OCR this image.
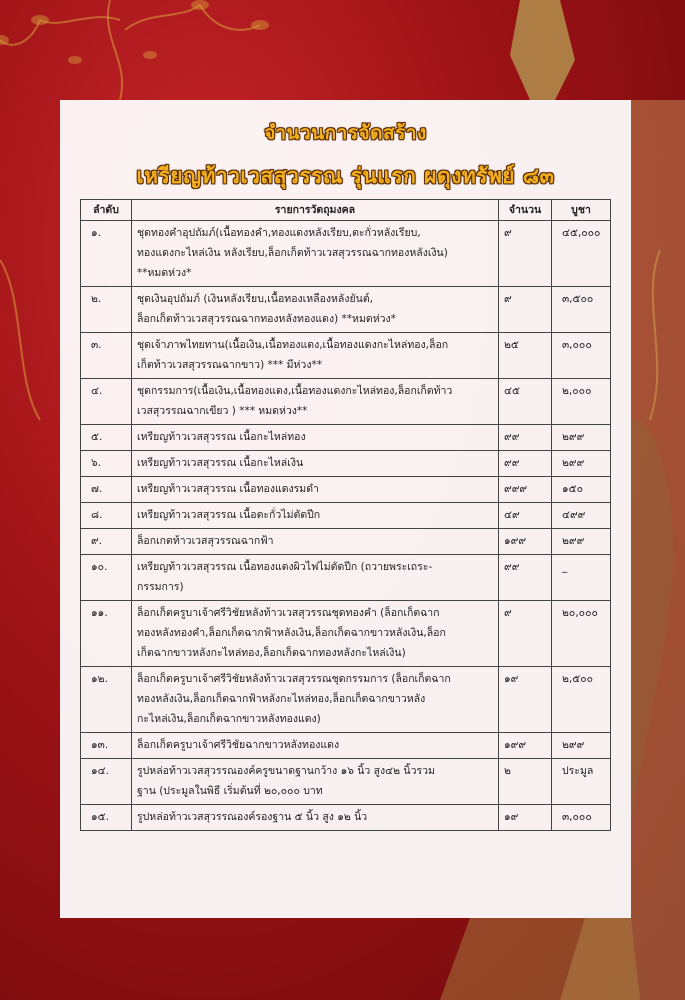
จำนวนการจัดสร้าง
เหรียญท้าวเวสสุวรรณ รุ่นแรก ผดุงทรัพย์ ๘๓
ลำดับ	รายการวัตถุมงคล	จำนวน	บูชา
๑.	ชุดทองคำอุปถัมภ์(เนื้อทองคำ,ทองแดงหลังเรียบ,ตะกั่วหลังเรียบ,
ทองแดงกะไหล่เงิน หลังเรียบ,ล็อกเก็ตท้าวเวสสุวรรณฉากทองหลังเงิน)
**หมดห่วง*	๙	๔๕,๐๐๐
๒.	ชุดเงินอุปถัมภ์ (เงินหลังเรียบ,เนื้อทองเหลืองหลังยันต์,
ล็อกเก็ตท้าวเวสสุวรรณฉากทองหลังทองแดง) **หมดห่วง*	๙	๓,๕๐๐
๓.	ชุดเจ้าภาพไทยทาน(เนื้อเงิน,เนื้อทองแดง,เนื้อทองแดงกะไหล่ทอง,ล็อก
เก็ตท้าวเวสสุวรรณฉากขาว) *** มีห่วง**	๒๕	๓,๐๐๐
๔.	ชุดกรรมการ(เนื้อเงิน,เนื้อทองแดง,เนื้อทองแดงกะไหล่ทอง,ล็อกเก็ตท้าว
เวสสุวรรณฉากเขียว ) *** หมดห่วง**	๔๕	๒,๐๐๐
๕.	เหรียญท้าวเวสสุวรรณ เนื้อกะไหล่ทอง	๙๙	๒๙๙
๖.	เหรียญท้าวเวสสุวรรณ เนื้อกะไหล่เงิน	๙๙	๒๙๙
๗.	เหรียญท้าวเวสสุวรรณ เนื้อทองแดงรมดำ	๙๙๙	๑๕๐
๘.	เหรียญท้าวเวสสุวรรณ เนื้อตะกั่วไม่ตัดปีก	๔๙	๔๙๙
๙.	ล็อกเกตท้าวเวสสุวรรณฉากฟ้า	๑๙๙	๒๙๙
๑๐.	เหรียญท้าวเวสสุวรรณ เนื้อทองแดงผิวไฟไม่ตัดปีก (ถวายพระเถระ-
กรรมการ)	๙๙	_
๑๑.	ล็อกเก็ตครูบาเจ้าศรีวิชัยหลังท้าวเวสสุวรรณชุดทองคำ (ล็อกเก็ตฉาก
ทองหลังทองคำ,ล็อกเก็ตฉากฟ้าหลังเงิน,ล็อกเก็ตฉากขาวหลังเงิน,ล็อก
เก็ตฉากขาวหลังกะไหล่ทอง,ล็อกเก็ตฉากทองหลังกะไหล่เงิน)	๙	๒๐,๐๐๐
๑๒.	ล็อกเก็ตครูบาเจ้าศรีวิชัยหลังท้าวเวสสุวรรณชุดกรรมการ (ล็อกเก็ตฉาก
ทองหลังเงิน,ล็อกเก็ตฉากฟ้าหลังกะไหล่ทอง,ล็อกเก็ตฉากขาวหลัง
กะไหล่เงิน,ล็อกเก็ตฉากขาวหลังทองแดง)	๑๙	๒,๕๐๐
๑๓.	ล็อกเก็ตครูบาเจ้าศรีวิชัยฉากขาวหลังทองแดง	๑๙๙	๒๙๙
๑๔.	รูปหล่อท้าวเวสสุวรรณองค์ครูขนาดฐานกว้าง ๑๖ นิ้ว สูง๔๒ นิ้วรวม
ฐาน (ประมูลในพิธี เริ่มต้นที่ ๒๐,๐๐๐ บาท	๒	ประมูล
๑๕.	รูปหล่อท้าวเวสสุวรรณองค์รองฐาน ๕ นิ้ว สูง ๑๒ นิ้ว	๑๙	๓,๐๐๐
